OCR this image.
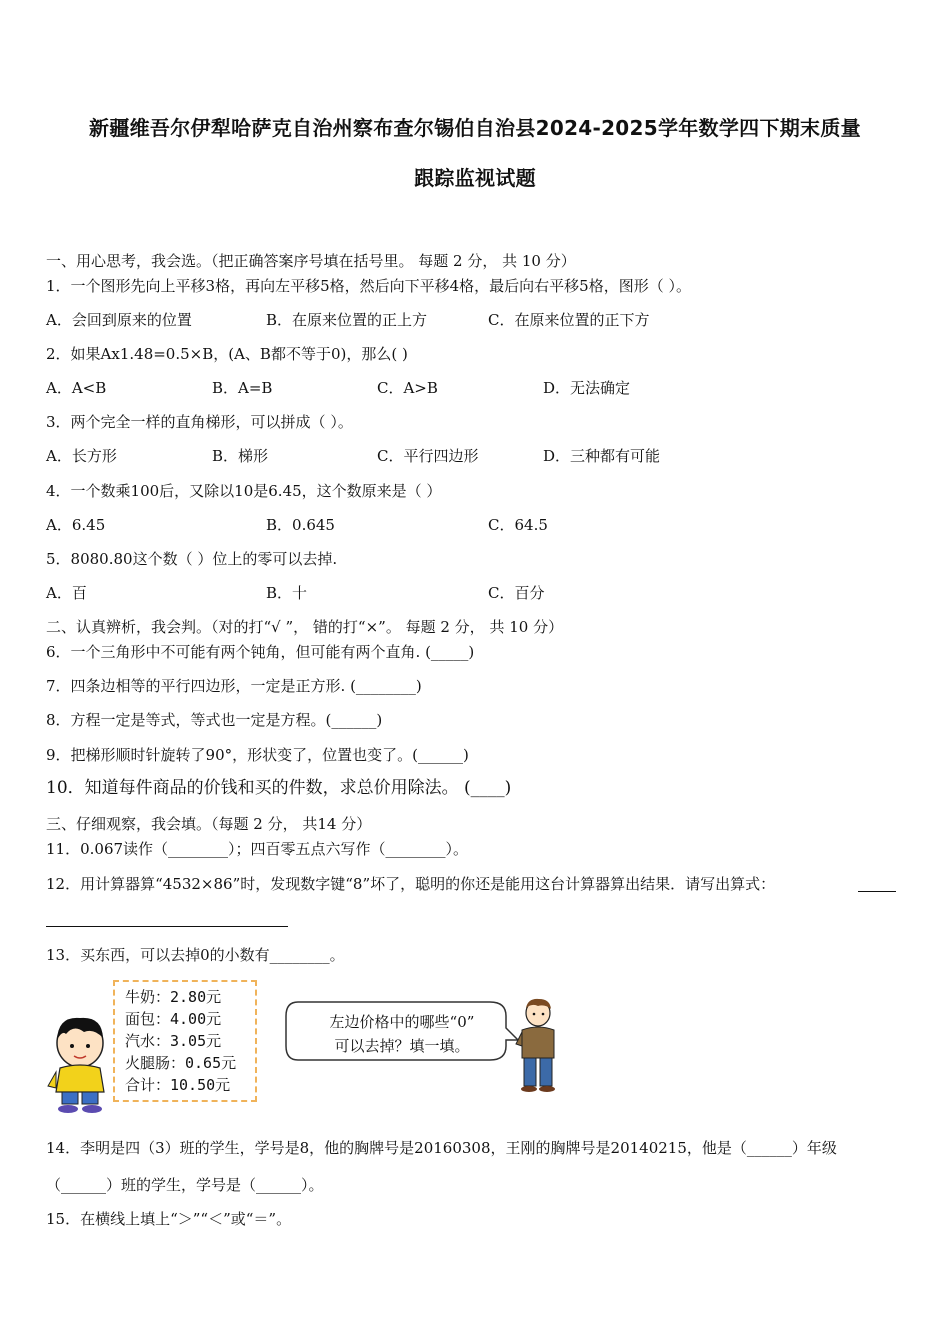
新疆维吾尔伊犁哈萨克自治州察布查尔锡伯自治县2024-2025学年数学四下期末质量
跟踪监视试题
一、用心思考，我会选。（把正确答案序号填在括号里。 每题 2 分， 共 10 分）
1．一个图形先向上平移3格，再向左平移5格，然后向下平移4格，最后向右平移5格，图形（ ）。
A．会回到原来的位置	B．在原来位置的正上方	C．在原来位置的正下方
2．如果Ax1.48=0.5×B，(A、B都不等于0)，那么( )
A．A<B	B．A=B	C．A>B	D．无法确定
3．两个完全一样的直角梯形，可以拼成（ ）。
A．长方形	B．梯形	C．平行四边形	D．三种都有可能
4．一个数乘100后，又除以10是6.45，这个数原来是（ ）
A．6.45	B．0.645	C．64.5
5．8080.80这个数（ ）位上的零可以去掉.
A．百	B．十	C．百分
二、认真辨析，我会判。（对的打“√ ”， 错的打“×”。 每题 2 分， 共 10 分）
6．一个三角形中不可能有两个钝角，但可能有两个直角. (_____)
7．四条边相等的平行四边形，一定是正方形. (________)
8．方程一定是等式，等式也一定是方程。(______)
9．把梯形顺时针旋转了90°，形状变了，位置也变了。(______)
10．知道每件商品的价钱和买的件数，求总价用除法。 (____)
三、仔细观察，我会填。（每题 2 分， 共14 分）
11．0.067读作（________）；四百零五点六写作（________）。
12．用计算器算“4532×86”时，发现数字键“8”坏了，聪明的你还是能用这台计算器算出结果．请写出算式：
13．买东西，可以去掉0的小数有________。
牛奶：2.80元
面包：4.00元
汽水：3.05元
火腿肠：0.65元
合计：10.50元
左边价格中的哪些“0”
可以去掉？填一填。
14．李明是四（3）班的学生，学号是8，他的胸牌号是20160308，王刚的胸牌号是20140215，他是（______）年级
（______）班的学生，学号是（______）。
15．在横线上填上“＞”“＜”或“＝”。
